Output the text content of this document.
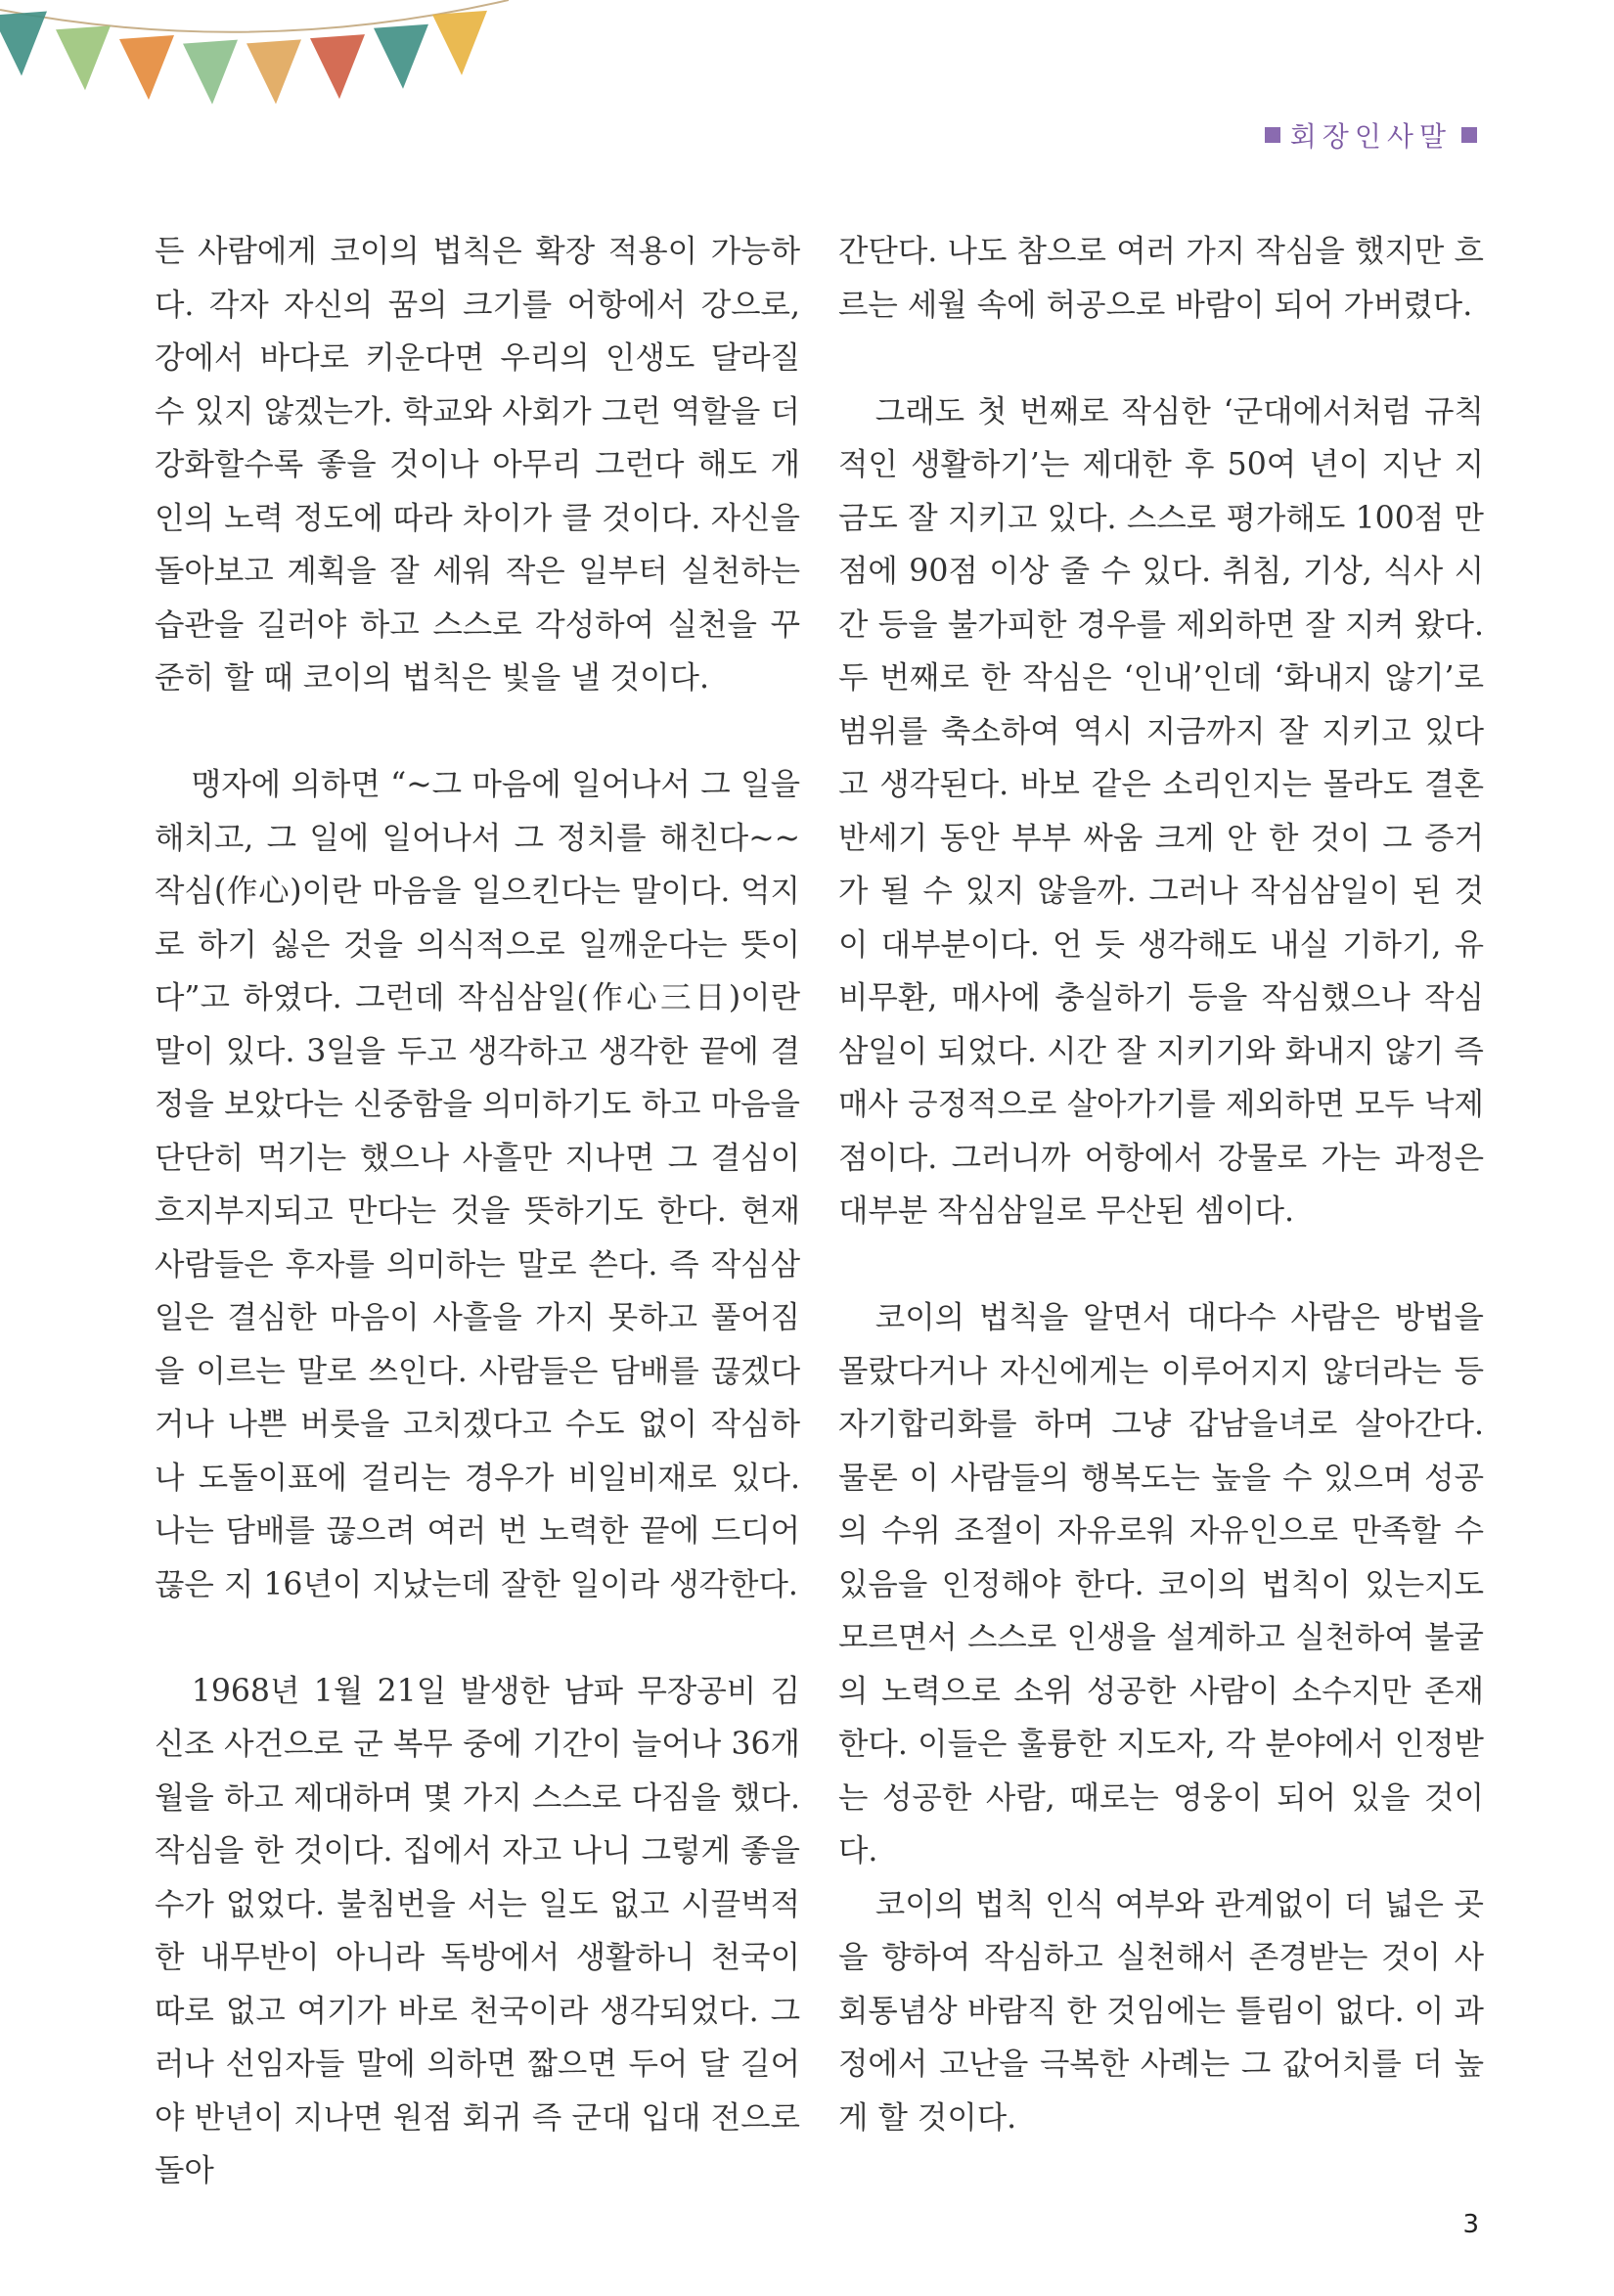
회장인사말

든 사람에게 코이의 법칙은 확장 적용이 가능하다. 각자 자신의 꿈의 크기를 어항에서 강으로, 강에서 바다로 키운다면 우리의 인생도 달라질 수 있지 않겠는가. 학교와 사회가 그런 역할을 더 강화할수록 좋을 것이나 아무리 그런다 해도 개인의 노력 정도에 따라 차이가 클 것이다. 자신을 돌아보고 계획을 잘 세워 작은 일부터 실천하는 습관을 길러야 하고 스스로 각성하여 실천을 꾸준히 할 때 코이의 법칙은 빛을 낼 것이다.

맹자에 의하면 “~그 마음에 일어나서 그 일을 해치고, 그 일에 일어나서 그 정치를 해친다~~작심(作心)이란 마음을 일으킨다는 말이다. 억지로 하기 싫은 것을 의식적으로 일깨운다는 뜻이다”고 하였다. 그런데 작심삼일(作心三日)이란 말이 있다. 3일을 두고 생각하고 생각한 끝에 결정을 보았다는 신중함을 의미하기도 하고 마음을 단단히 먹기는 했으나 사흘만 지나면 그 결심이 흐지부지되고 만다는 것을 뜻하기도 한다. 현재 사람들은 후자를 의미하는 말로 쓴다. 즉 작심삼일은 결심한 마음이 사흘을 가지 못하고 풀어짐을 이르는 말로 쓰인다. 사람들은 담배를 끊겠다거나 나쁜 버릇을 고치겠다고 수도 없이 작심하나 도돌이표에 걸리는 경우가 비일비재로 있다. 나는 담배를 끊으려 여러 번 노력한 끝에 드디어 끊은 지 16년이 지났는데 잘한 일이라 생각한다.

1968년 1월 21일 발생한 남파 무장공비 김신조 사건으로 군 복무 중에 기간이 늘어나 36개월을 하고 제대하며 몇 가지 스스로 다짐을 했다. 작심을 한 것이다. 집에서 자고 나니 그렇게 좋을 수가 없었다. 불침번을 서는 일도 없고 시끌벅적한 내무반이 아니라 독방에서 생활하니 천국이 따로 없고 여기가 바로 천국이라 생각되었다. 그러나 선임자들 말에 의하면 짧으면 두어 달 길어야 반년이 지나면 원점 회귀 즉 군대 입대 전으로 돌아

간단다. 나도 참으로 여러 가지 작심을 했지만 흐르는 세월 속에 허공으로 바람이 되어 가버렸다.

그래도 첫 번째로 작심한 ‘군대에서처럼 규칙적인 생활하기’는 제대한 후 50여 년이 지난 지금도 잘 지키고 있다. 스스로 평가해도 100점 만점에 90점 이상 줄 수 있다. 취침, 기상, 식사 시간 등을 불가피한 경우를 제외하면 잘 지켜 왔다. 두 번째로 한 작심은 ‘인내’인데 ‘화내지 않기’로 범위를 축소하여 역시 지금까지 잘 지키고 있다고 생각된다. 바보 같은 소리인지는 몰라도 결혼 반세기 동안 부부 싸움 크게 안 한 것이 그 증거가 될 수 있지 않을까. 그러나 작심삼일이 된 것이 대부분이다. 언 듯 생각해도 내실 기하기, 유비무환, 매사에 충실하기 등을 작심했으나 작심삼일이 되었다. 시간 잘 지키기와 화내지 않기 즉 매사 긍정적으로 살아가기를 제외하면 모두 낙제점이다. 그러니까 어항에서 강물로 가는 과정은 대부분 작심삼일로 무산된 셈이다.

코이의 법칙을 알면서 대다수 사람은 방법을 몰랐다거나 자신에게는 이루어지지 않더라는 등 자기합리화를 하며 그냥 갑남을녀로 살아간다. 물론 이 사람들의 행복도는 높을 수 있으며 성공의 수위 조절이 자유로워 자유인으로 만족할 수 있음을 인정해야 한다. 코이의 법칙이 있는지도 모르면서 스스로 인생을 설계하고 실천하여 불굴의 노력으로 소위 성공한 사람이 소수지만 존재한다. 이들은 훌륭한 지도자, 각 분야에서 인정받는 성공한 사람, 때로는 영웅이 되어 있을 것이다.

코이의 법칙 인식 여부와 관계없이 더 넓은 곳을 향하여 작심하고 실천해서 존경받는 것이 사회통념상 바람직 한 것임에는 틀림이 없다. 이 과정에서 고난을 극복한 사례는 그 값어치를 더 높게 할 것이다.

3
